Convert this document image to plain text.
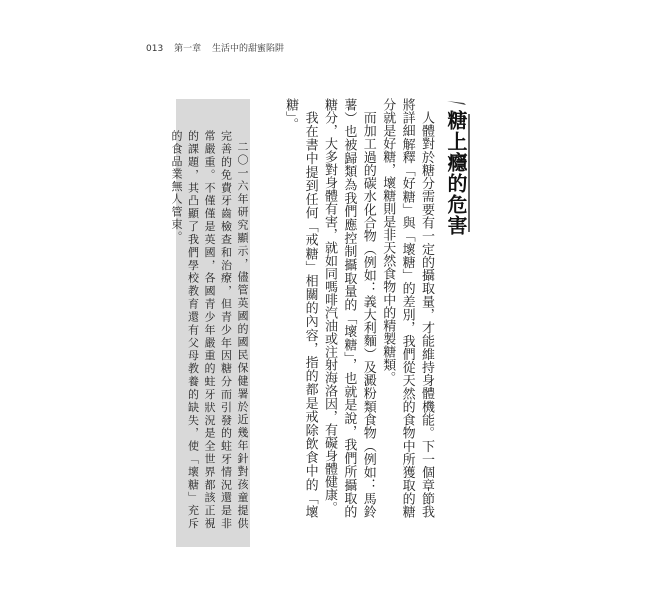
013 第一章 生活中的甜蜜陷阱
糖上癮的危害

人體對於糖分需要有一定的攝取量，才能維持身體機能。下一個章節我將詳細解釋「好糖」與「壞糖」的差別，我們從天然的食物中所獲取的糖分就是好糖，壞糖則是非天然食物中的精製糖類。

而加工過的碳水化合物（例如：義大利麵）及澱粉類食物（例如：馬鈴薯）也被歸類為我們應控制攝取量的「壞糖」，也就是說，我們所攝取的糖分，大多對身體有害，就如同嗎啡汽油或注射海洛因，有礙身體健康。

我在書中提到任何「戒糖」相關的內容，指的都是戒除飲食中的「壞糖」。

二〇一六年研究顯示，儘管英國的國民保健署於近幾年針對孩童提供完善的免費牙齒檢查和治療，但青少年因糖分而引發的蛀牙情況還是非常嚴重。不僅僅是英國，各國青少年嚴重的蛀牙狀況是全世界都該正視的課題，其凸顯了我們學校教育還有父母教養的缺失，使「壞糖」充斥的食品業無人管束。
